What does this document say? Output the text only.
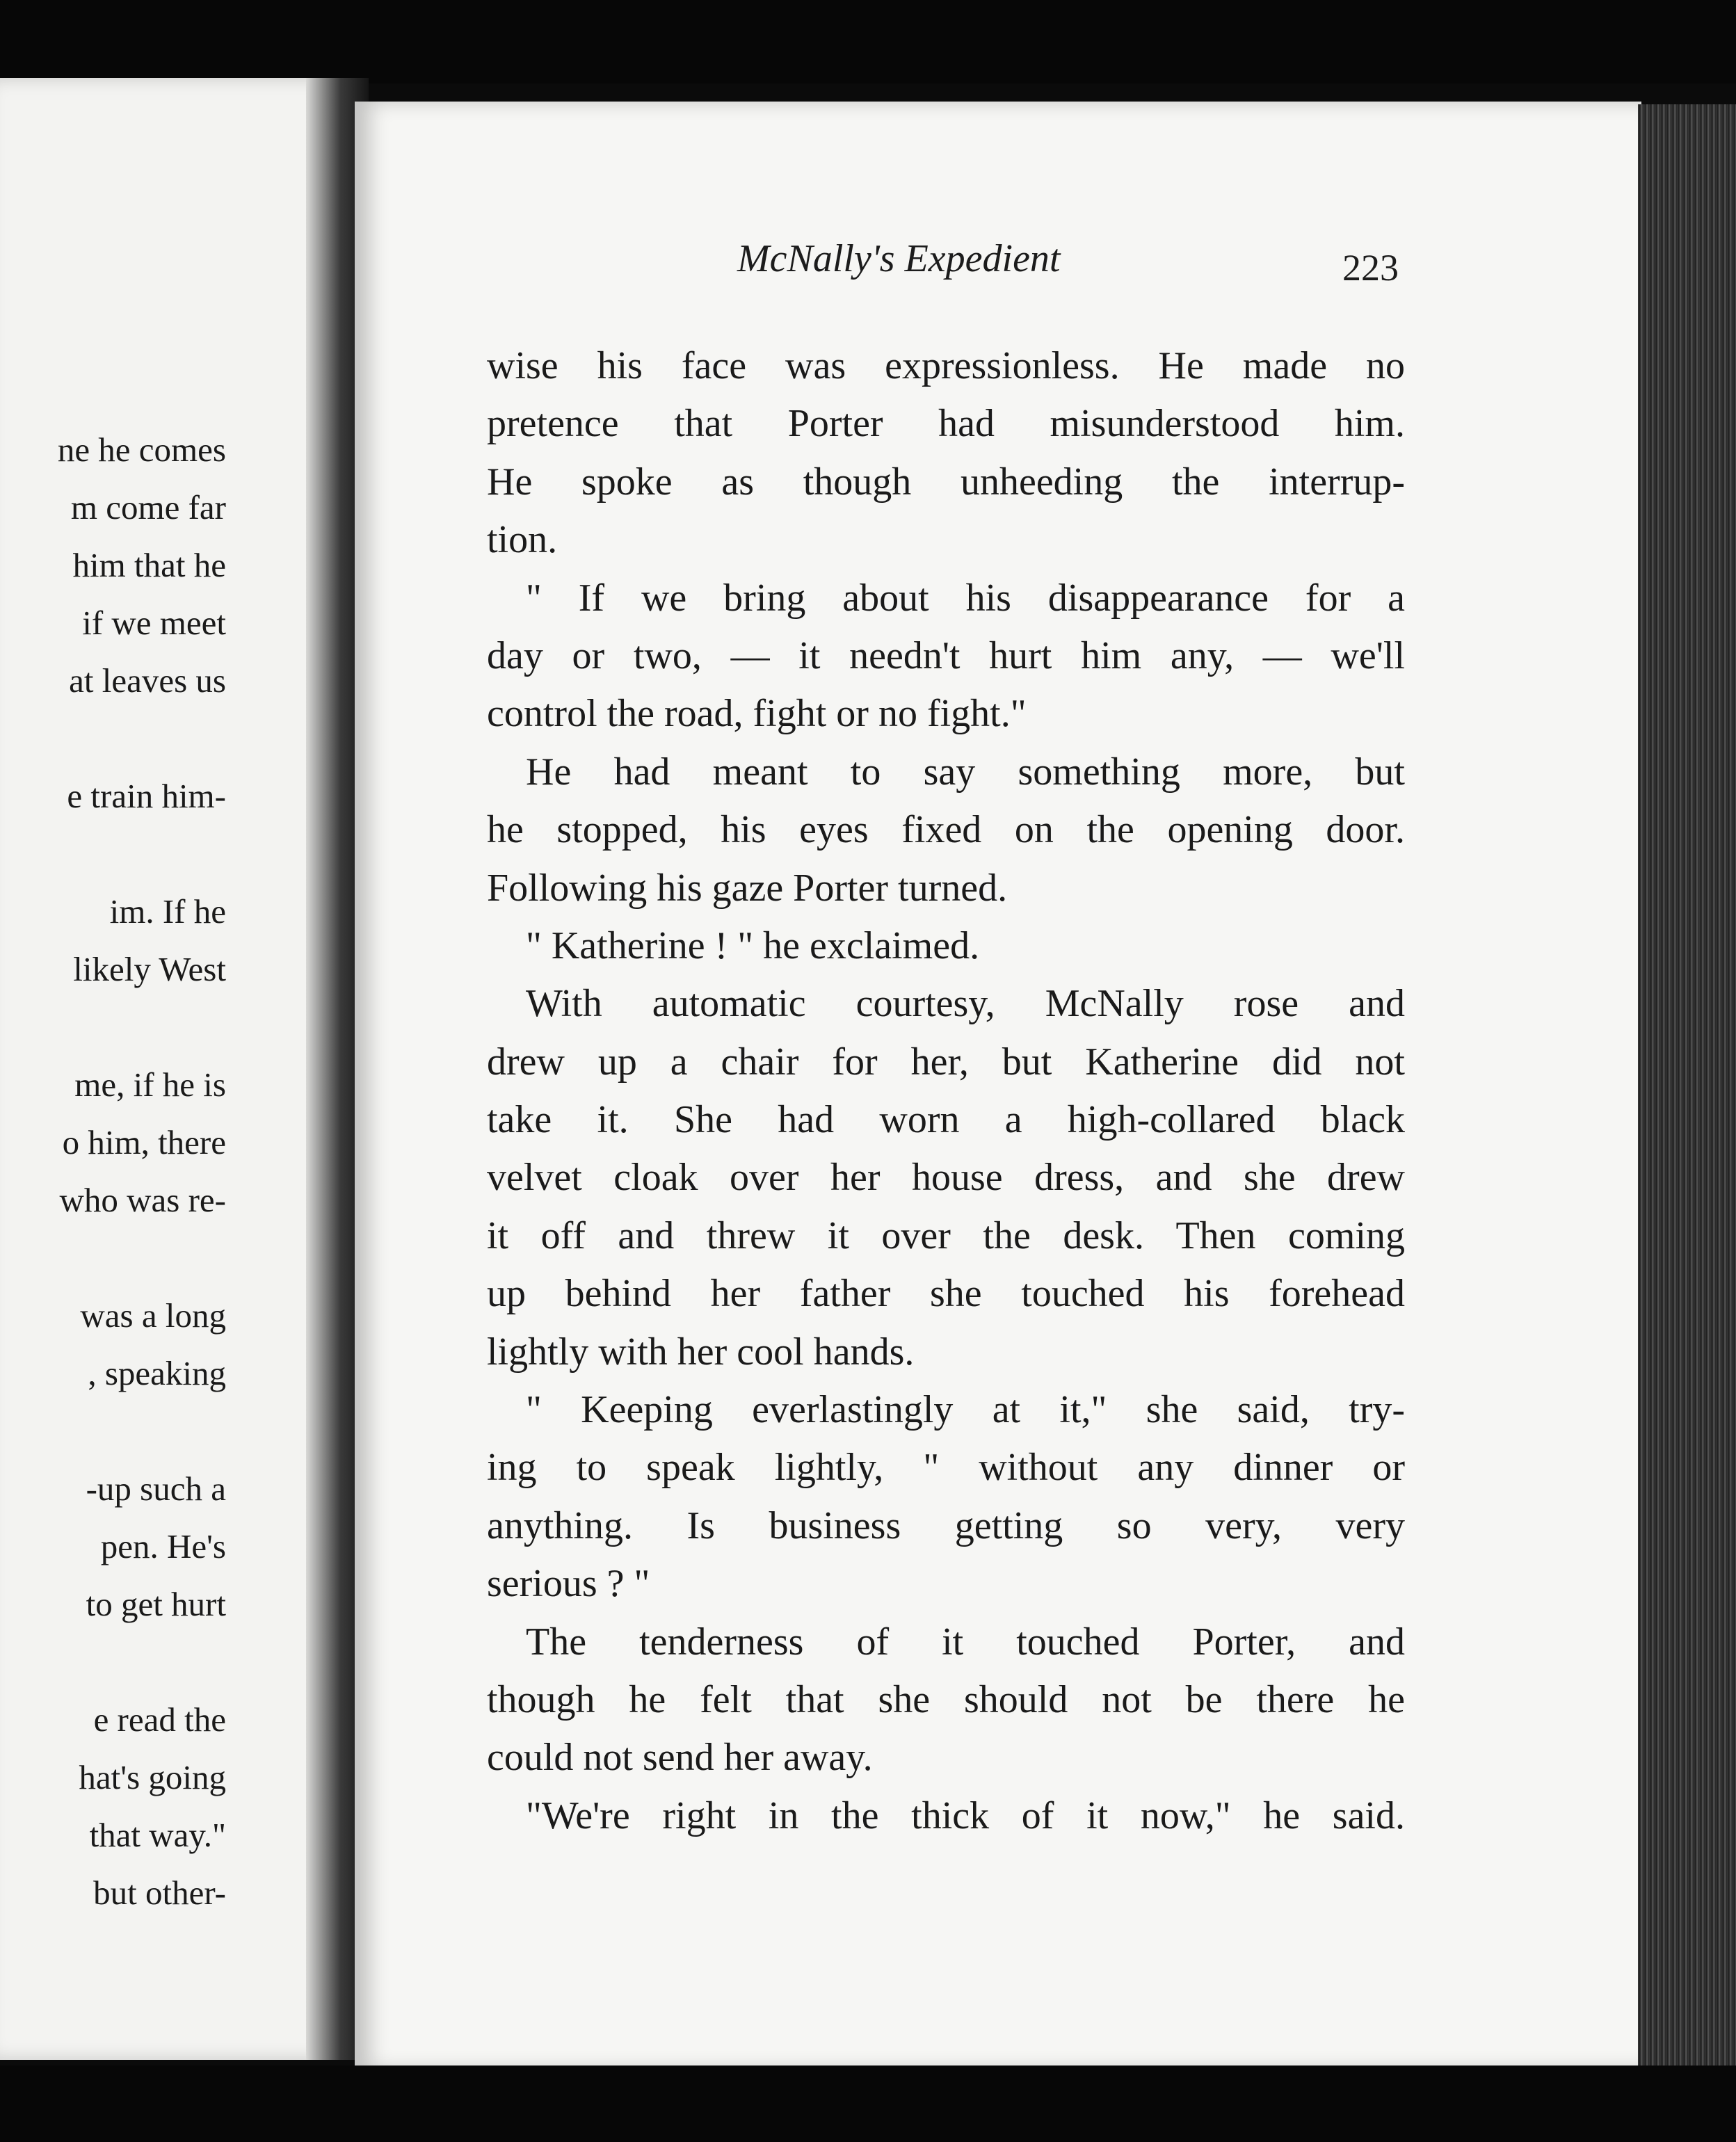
ne he comes
m come far
him that he
if we meet
at leaves us
e train him-
im. If he
likely West
me, if he is
o him, there
who was re-
was a long
, speaking
-up such a
pen. He's
to get hurt
e read the
hat's going
that way."
but other-
McNally's Expedient	223
wise his face was expressionless. He made no
pretence that Porter had misunderstood him.
He spoke as though unheeding the interrup-
tion.
" If we bring about his disappearance for a
day or two, — it needn't hurt him any, — we'll
control the road, fight or no fight."
He had meant to say something more, but
he stopped, his eyes fixed on the opening door.
Following his gaze Porter turned.
" Katherine ! " he exclaimed.
With automatic courtesy, McNally rose and
drew up a chair for her, but Katherine did not
take it. She had worn a high-collared black
velvet cloak over her house dress, and she drew
it off and threw it over the desk. Then coming
up behind her father she touched his forehead
lightly with her cool hands.
" Keeping everlastingly at it," she said, try-
ing to speak lightly, " without any dinner or
anything. Is business getting so very, very
serious ? "
The tenderness of it touched Porter, and
though he felt that she should not be there he
could not send her away.
"We're right in the thick of it now," he said.
